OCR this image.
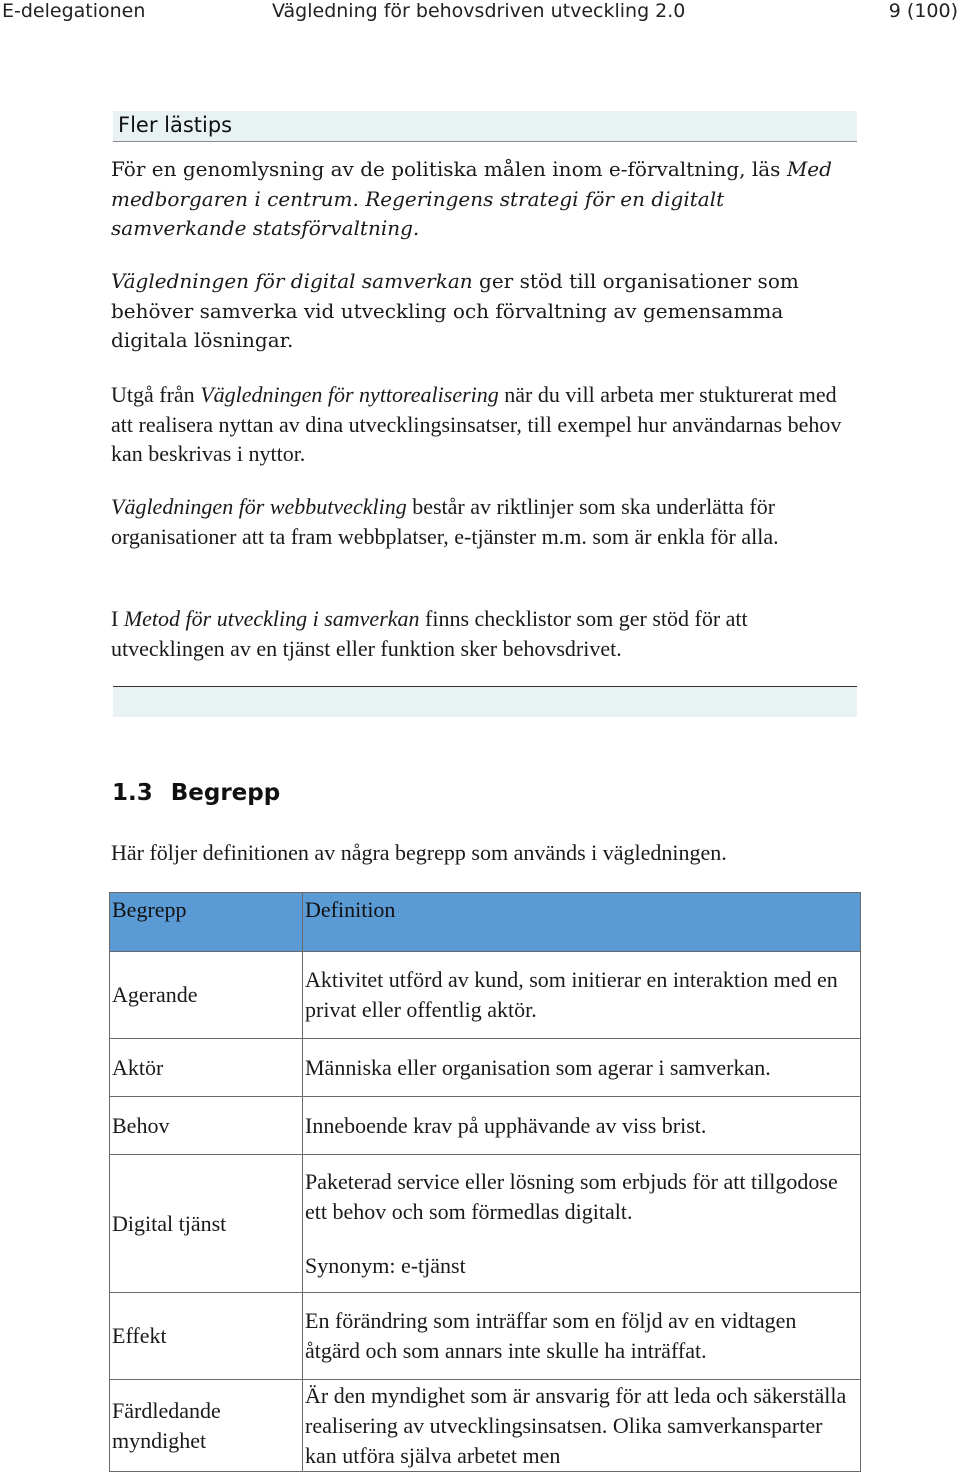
E-delegationen	Vägledning för behovsdriven utveckling 2.0	9 (100)
Fler lästips

För en genomlysning av de politiska målen inom e-förvaltning, läs Med medborgaren i centrum. Regeringens strategi för en digitalt samverkande statsförvaltning.

Vägledningen för digital samverkan ger stöd till organisationer som behöver samverka vid utveckling och förvaltning av gemensamma digitala lösningar.

Utgå från Vägledningen för nyttorealisering när du vill arbeta mer stukturerat med att realisera nyttan av dina utvecklingsinsatser, till exempel hur användarnas behov kan beskrivas i nyttor.

Vägledningen för webbutveckling består av riktlinjer som ska underlätta för organisationer att ta fram webbplatser, e-tjänster m.m. som är enkla för alla.

I Metod för utveckling i samverkan finns checklistor som ger stöd för att utvecklingen av en tjänst eller funktion sker behovsdrivet.

1.3 Begrepp

Här följer definitionen av några begrepp som används i vägledningen.

Begrepp	Definition
Agerande	Aktivitet utförd av kund, som initierar en interaktion med en privat eller offentlig aktör.

Aktör	Människa eller organisation som agerar i samverkan.

Behov	Inneboende krav på upphävande av viss brist.

Digital tjänst	Paketerad service eller lösning som erbjuds för att tillgodose ett behov och som förmedlas digitalt.

Synonym: e-tjänst

Effekt	En förändring som inträffar som en följd av en vidtagen åtgärd och som annars inte skulle ha inträffat.

Färdledande myndighet	Är den myndighet som är ansvarig för att leda och säkerställa realisering av utvecklingsinsatsen. Olika samverkansparter kan utföra själva arbetet men
